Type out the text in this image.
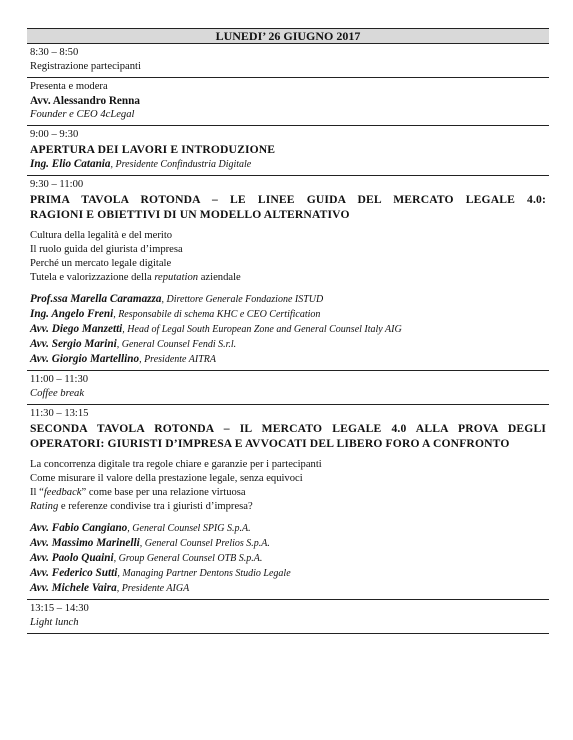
LUNEDI’ 26 GIUGNO 2017
8:30 – 8:50
Registrazione partecipanti
Presenta e modera
Avv. Alessandro Renna
Founder e CEO 4cLegal
9:00 – 9:30
APERTURA DEI LAVORI E INTRODUZIONE
Ing. Elio Catania, Presidente Confindustria Digitale
9:30 – 11:00
PRIMA TAVOLA ROTONDA – LE LINEE GUIDA DEL MERCATO LEGALE 4.0:
RAGIONI E OBIETTIVI DI UN MODELLO ALTERNATIVO
Cultura della legalità e del merito
Il ruolo guida del giurista d’impresa
Perché un mercato legale digitale
Tutela e valorizzazione della reputation aziendale
Prof.ssa Marella Caramazza, Direttore Generale Fondazione ISTUD
Ing. Angelo Freni, Responsabile di schema KHC e CEO Certification
Avv. Diego Manzetti, Head of Legal South European Zone and General Counsel Italy AIG
Avv. Sergio Marini, General Counsel Fendi S.r.l.
Avv. Giorgio Martellino, Presidente AITRA
11:00 – 11:30
Coffee break
11:30 – 13:15
SECONDA TAVOLA ROTONDA – IL MERCATO LEGALE 4.0 ALLA PROVA DEGLI
OPERATORI: GIURISTI D’IMPRESA E AVVOCATI DEL LIBERO FORO A CONFRONTO
La concorrenza digitale tra regole chiare e garanzie per i partecipanti
Come misurare il valore della prestazione legale, senza equivoci
Il “feedback” come base per una relazione virtuosa
Rating e referenze condivise tra i giuristi d’impresa?
Avv. Fabio Cangiano, General Counsel SPIG S.p.A.
Avv. Massimo Marinelli, General Counsel Prelios S.p.A.
Avv. Paolo Quaini, Group General Counsel OTB S.p.A.
Avv. Federico Sutti, Managing Partner Dentons Studio Legale
Avv. Michele Vaira, Presidente AIGA
13:15 – 14:30
Light lunch
